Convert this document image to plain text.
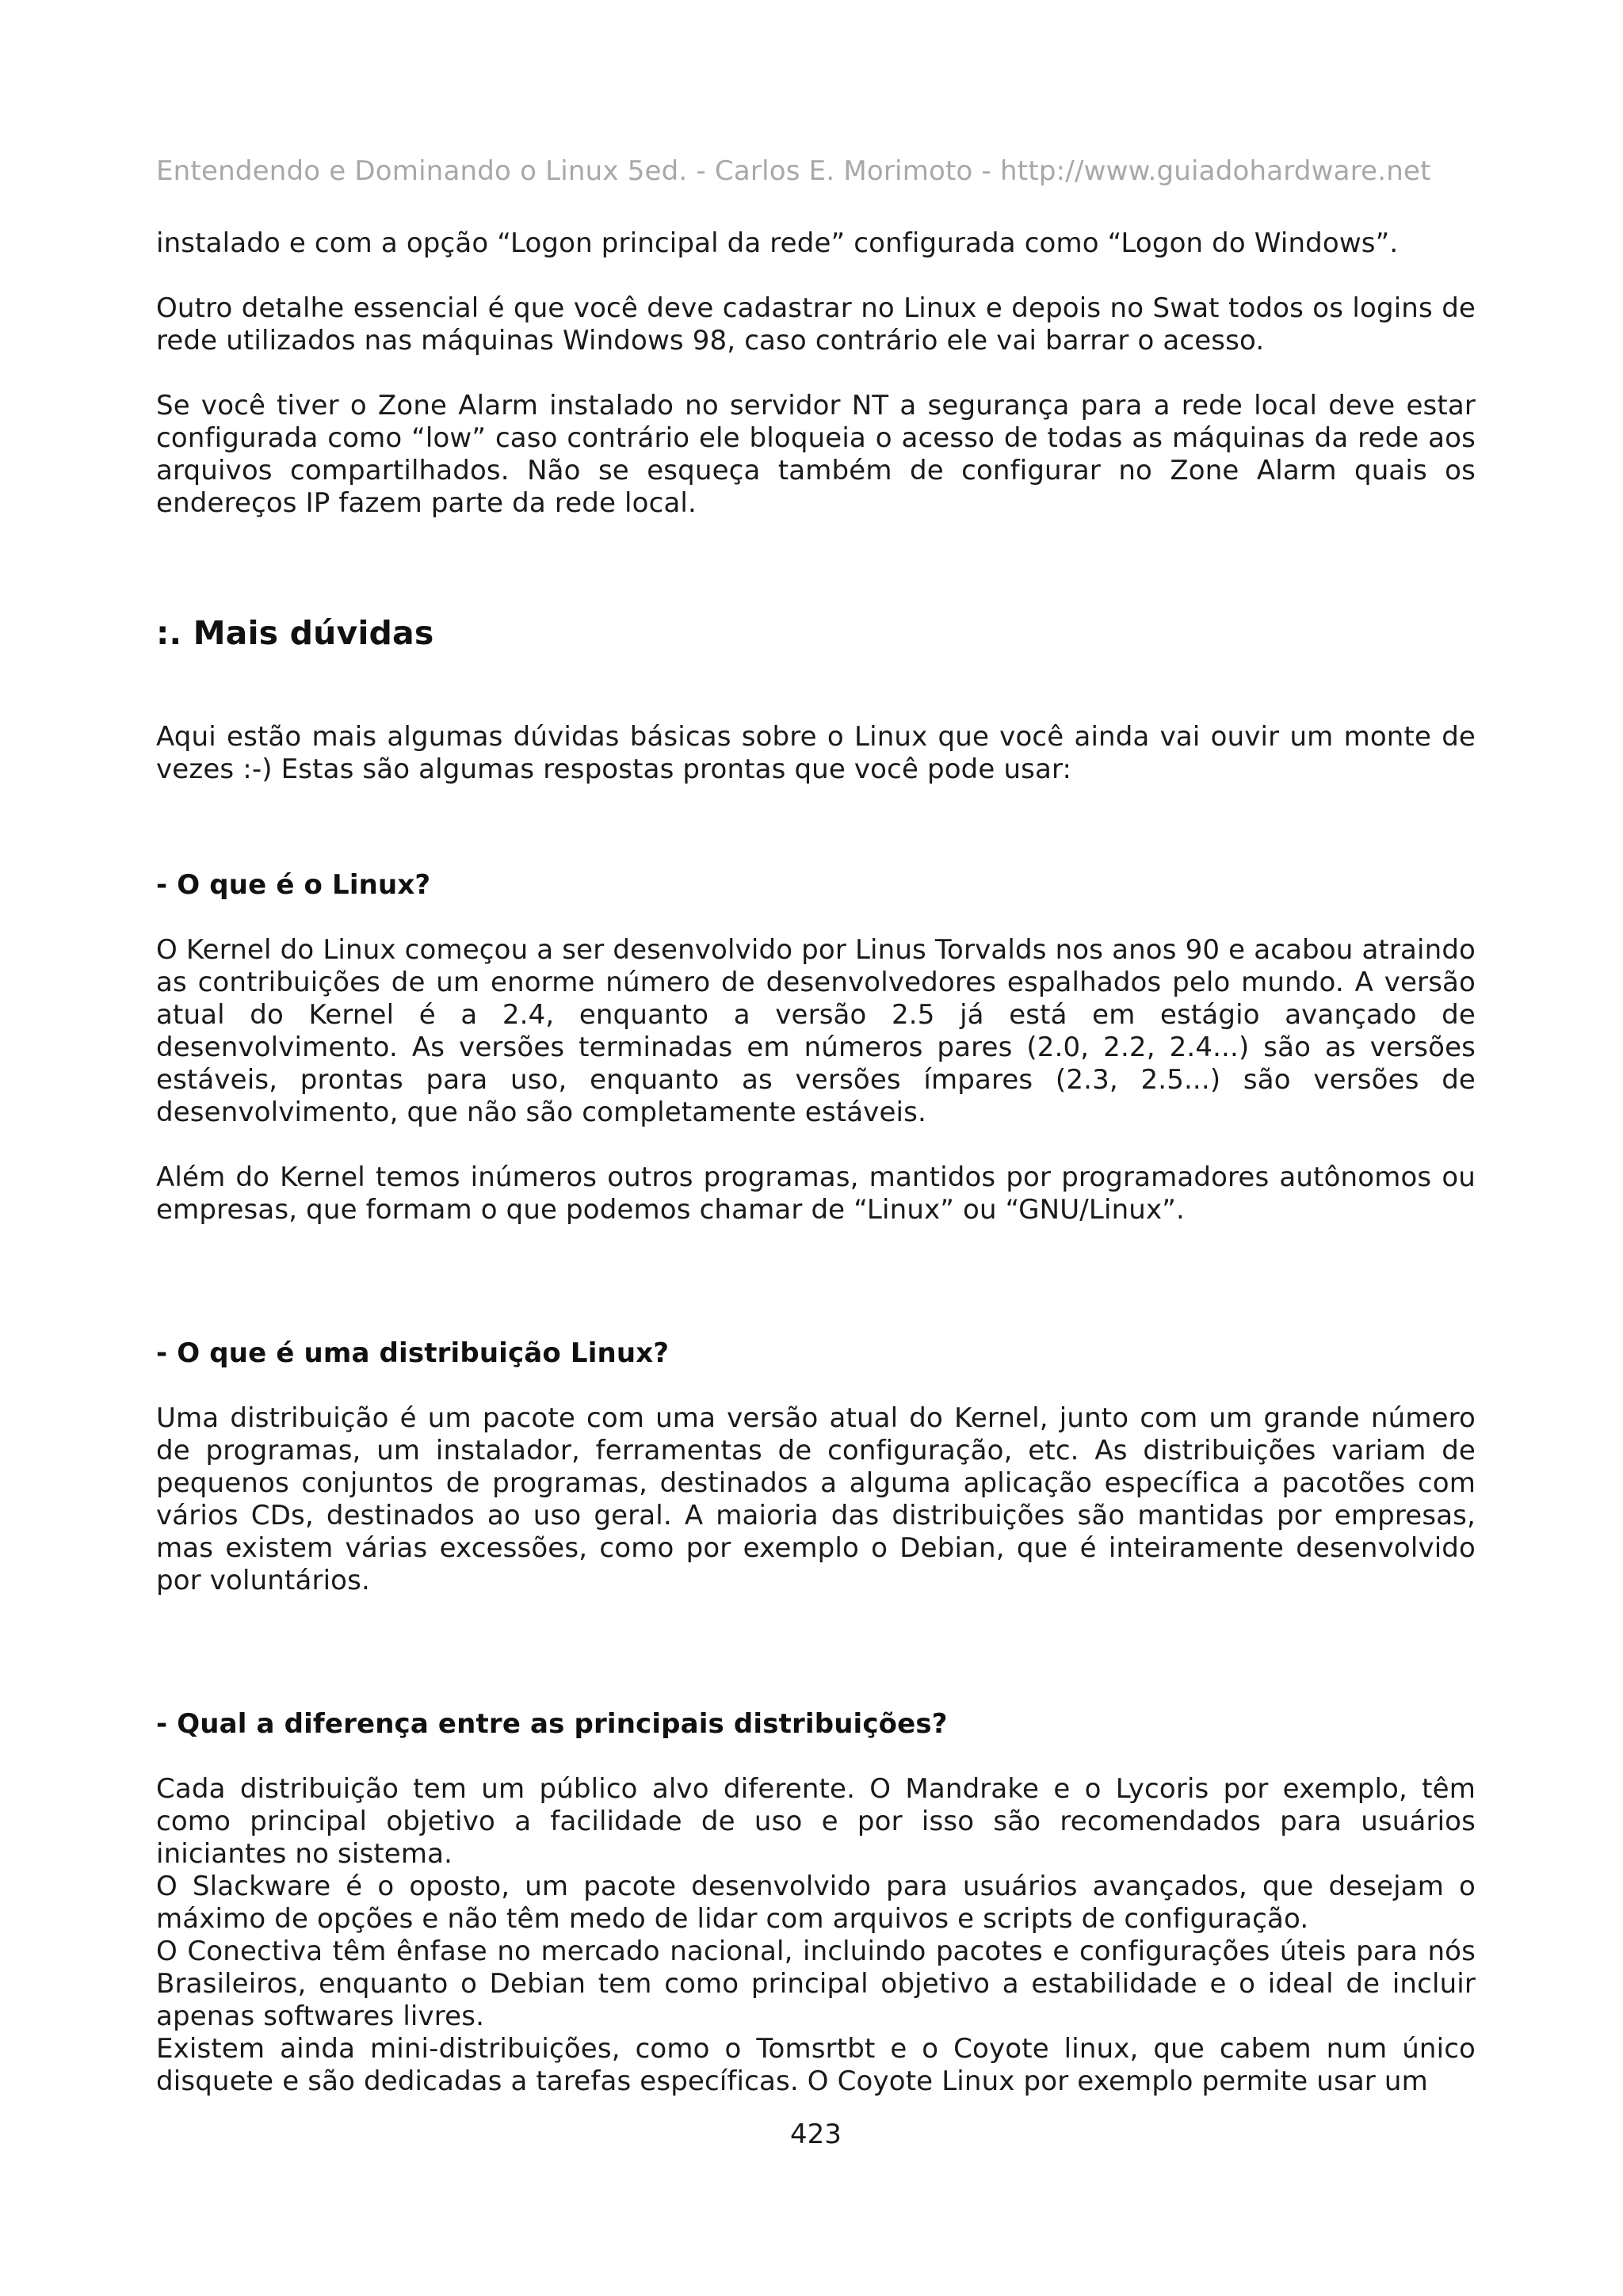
Entendendo e Dominando o Linux 5ed. - Carlos E. Morimoto - http://www.guiadohardware.net

instalado e com a opção “Logon principal da rede” configurada como “Logon do Windows”.

Outro detalhe essencial é que você deve cadastrar no Linux e depois no Swat todos os logins de rede utilizados nas máquinas Windows 98, caso contrário ele vai barrar o acesso.

Se você tiver o Zone Alarm instalado no servidor NT a segurança para a rede local deve estar configurada como “low” caso contrário ele bloqueia o acesso de todas as máquinas da rede aos arquivos compartilhados. Não se esqueça também de configurar no Zone Alarm quais os endereços IP fazem parte da rede local.

:. Mais dúvidas

Aqui estão mais algumas dúvidas básicas sobre o Linux que você ainda vai ouvir um monte de vezes :-) Estas são algumas respostas prontas que você pode usar:

- O que é o Linux?

O Kernel do Linux começou a ser desenvolvido por Linus Torvalds nos anos 90 e acabou atraindo as contribuições de um enorme número de desenvolvedores espalhados pelo mundo. A versão atual do Kernel é a 2.4, enquanto a versão 2.5 já está em estágio avançado de desenvolvimento. As versões terminadas em números pares (2.0, 2.2, 2.4...) são as versões estáveis, prontas para uso, enquanto as versões ímpares (2.3, 2.5...) são versões de desenvolvimento, que não são completamente estáveis.

Além do Kernel temos inúmeros outros programas, mantidos por programadores autônomos ou empresas, que formam o que podemos chamar de “Linux” ou “GNU/Linux”.

- O que é uma distribuição Linux?

Uma distribuição é um pacote com uma versão atual do Kernel, junto com um grande número de programas, um instalador, ferramentas de configuração, etc. As distribuições variam de pequenos conjuntos de programas, destinados a alguma aplicação específica a pacotões com vários CDs, destinados ao uso geral. A maioria das distribuições são mantidas por empresas, mas existem várias excessões, como por exemplo o Debian, que é inteiramente desenvolvido por voluntários.

- Qual a diferença entre as principais distribuições?

Cada distribuição tem um público alvo diferente. O Mandrake e o Lycoris por exemplo, têm como principal objetivo a facilidade de uso e por isso são recomendados para usuários iniciantes no sistema.

O Slackware é o oposto, um pacote desenvolvido para usuários avançados, que desejam o máximo de opções e não têm medo de lidar com arquivos e scripts de configuração.

O Conectiva têm ênfase no mercado nacional, incluindo pacotes e configurações úteis para nós Brasileiros, enquanto o Debian tem como principal objetivo a estabilidade e o ideal de incluir apenas softwares livres.

Existem ainda mini-distribuições, como o Tomsrtbt e o Coyote linux, que cabem num único disquete e são dedicadas a tarefas específicas. O Coyote Linux por exemplo permite usar um

423
